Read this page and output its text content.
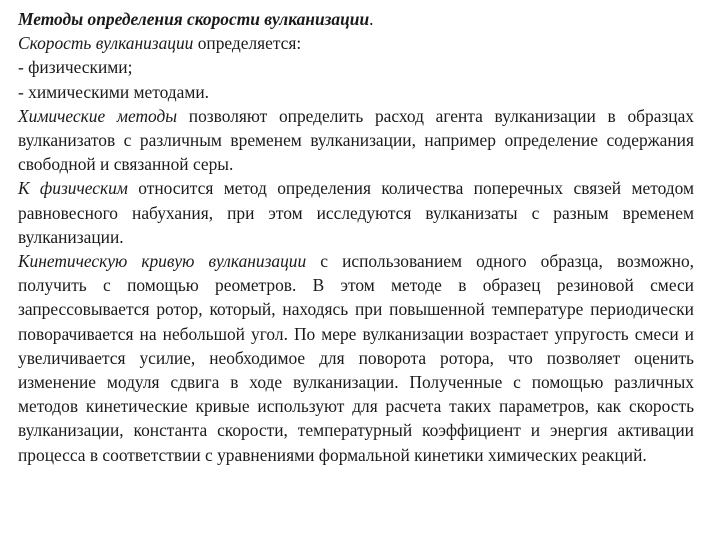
Методы определения скорости вулканизации.

Скорость вулканизации определяется:

- физическими;

- химическими методами.

Химические методы позволяют определить расход агента вулканизации в образцах вулканизатов с различным временем вулканизации, например определение содержания свободной и связанной серы.

К физическим относится метод определения количества поперечных связей методом равновесного набухания, при этом исследуются вулканизаты с разным временем вулканизации.

Кинетическую кривую вулканизации с использованием одного образца, возможно, получить с помощью реометров. В этом методе в образец резиновой смеси запрессовывается ротор, который, находясь при повышенной температуре периодически поворачивается на небольшой угол. По мере вулканизации возрастает упругость смеси и увеличивается усилие, необходимое для поворота ротора, что позволяет оценить изменение модуля сдвига в ходе вулканизации. Полученные с помощью различных методов кинетические кривые используют для расчета таких параметров, как скорость вулканизации, константа скорости, температурный коэффициент и энергия активации процесса в соответствии с уравнениями формальной кинетики химических реакций.
